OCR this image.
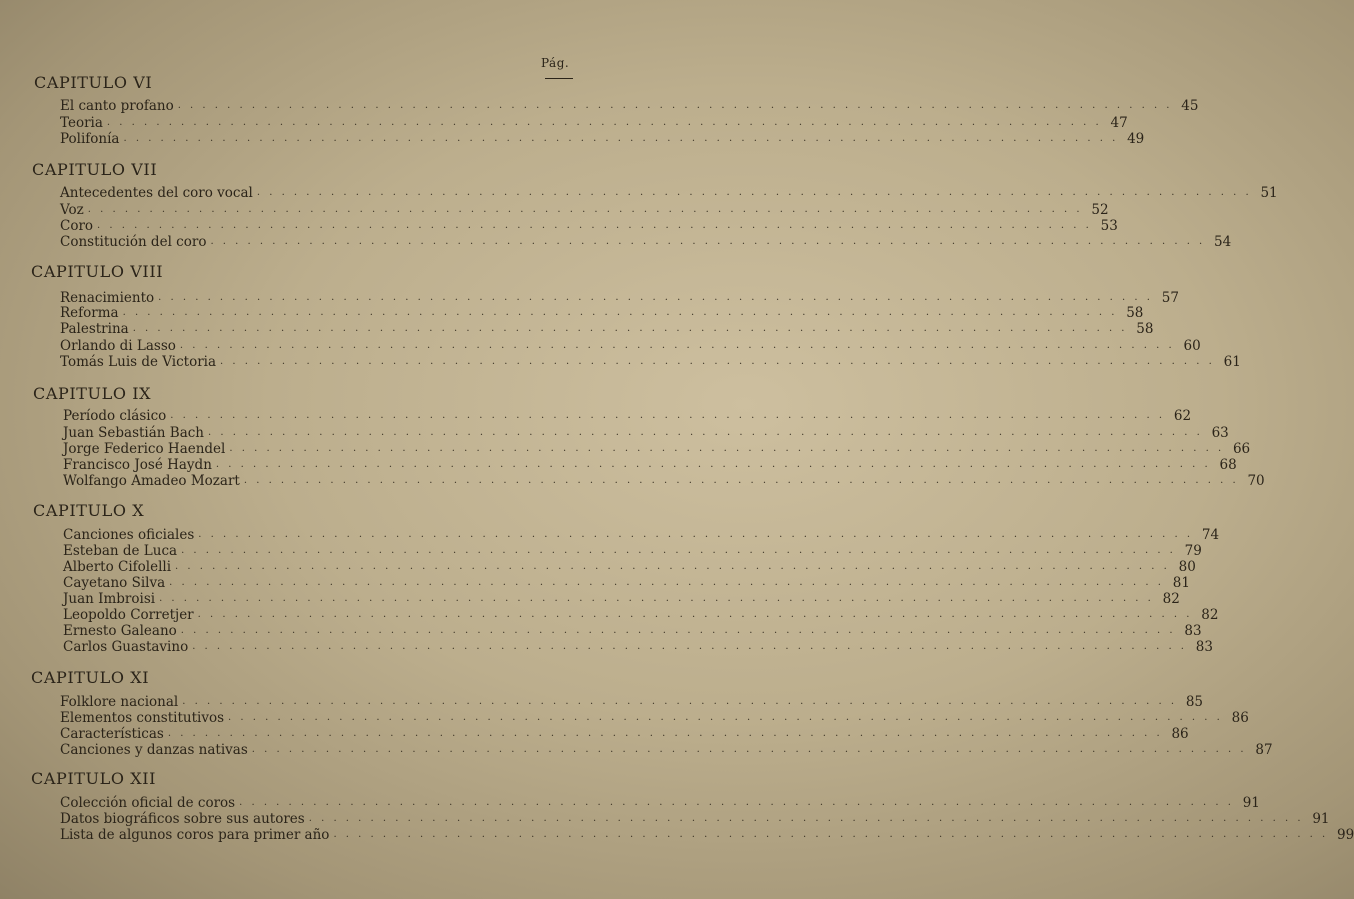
Pág.
CAPITULO VI
El canto profano . . . . . . . . . . . . . . . . . . . . . . . . . . . . . . . . . . . . . . . . . . . . . . . . . . . . . . . . . . . . . . . . . . . . . . . . . . . . . . . . . 45
Teoria . . . . . . . . . . . . . . . . . . . . . . . . . . . . . . . . . . . . . . . . . . . . . . . . . . . . . . . . . . . . . . . . . . . . . . . . . . . . . . . . . 47
Polifonía . . . . . . . . . . . . . . . . . . . . . . . . . . . . . . . . . . . . . . . . . . . . . . . . . . . . . . . . . . . . . . . . . . . . . . . . . . . . . . . . . 49
CAPITULO VII
Antecedentes del coro vocal . . . . . . . . . . . . . . . . . . . . . . . . . . . . . . . . . . . . . . . . . . . . . . . . . . . . . . . . . . . . . . . . . . . . . . . . . . . . . . . . . 51
Voz . . . . . . . . . . . . . . . . . . . . . . . . . . . . . . . . . . . . . . . . . . . . . . . . . . . . . . . . . . . . . . . . . . . . . . . . . . . . . . . . . 52
Coro . . . . . . . . . . . . . . . . . . . . . . . . . . . . . . . . . . . . . . . . . . . . . . . . . . . . . . . . . . . . . . . . . . . . . . . . . . . . . . . . . 53
Constitución del coro . . . . . . . . . . . . . . . . . . . . . . . . . . . . . . . . . . . . . . . . . . . . . . . . . . . . . . . . . . . . . . . . . . . . . . . . . . . . . . . . . 54
CAPITULO VIII
Renacimiento . . . . . . . . . . . . . . . . . . . . . . . . . . . . . . . . . . . . . . . . . . . . . . . . . . . . . . . . . . . . . . . . . . . . . . . . . . . . . . . . . 57
Reforma . . . . . . . . . . . . . . . . . . . . . . . . . . . . . . . . . . . . . . . . . . . . . . . . . . . . . . . . . . . . . . . . . . . . . . . . . . . . . . . . . 58
Palestrina . . . . . . . . . . . . . . . . . . . . . . . . . . . . . . . . . . . . . . . . . . . . . . . . . . . . . . . . . . . . . . . . . . . . . . . . . . . . . . . . . 58
Orlando di Lasso . . . . . . . . . . . . . . . . . . . . . . . . . . . . . . . . . . . . . . . . . . . . . . . . . . . . . . . . . . . . . . . . . . . . . . . . . . . . . . . . . 60
Tomás Luis de Victoria . . . . . . . . . . . . . . . . . . . . . . . . . . . . . . . . . . . . . . . . . . . . . . . . . . . . . . . . . . . . . . . . . . . . . . . . . . . . . . . . . 61
CAPITULO IX
Período clásico . . . . . . . . . . . . . . . . . . . . . . . . . . . . . . . . . . . . . . . . . . . . . . . . . . . . . . . . . . . . . . . . . . . . . . . . . . . . . . . . . 62
Juan Sebastián Bach . . . . . . . . . . . . . . . . . . . . . . . . . . . . . . . . . . . . . . . . . . . . . . . . . . . . . . . . . . . . . . . . . . . . . . . . . . . . . . . . . 63
Jorge Federico Haendel . . . . . . . . . . . . . . . . . . . . . . . . . . . . . . . . . . . . . . . . . . . . . . . . . . . . . . . . . . . . . . . . . . . . . . . . . . . . . . . . . 66
Francisco José Haydn . . . . . . . . . . . . . . . . . . . . . . . . . . . . . . . . . . . . . . . . . . . . . . . . . . . . . . . . . . . . . . . . . . . . . . . . . . . . . . . . . 68
Wolfango Amadeo Mozart . . . . . . . . . . . . . . . . . . . . . . . . . . . . . . . . . . . . . . . . . . . . . . . . . . . . . . . . . . . . . . . . . . . . . . . . . . . . . . . . . 70
CAPITULO X
Canciones oficiales . . . . . . . . . . . . . . . . . . . . . . . . . . . . . . . . . . . . . . . . . . . . . . . . . . . . . . . . . . . . . . . . . . . . . . . . . . . . . . . . . 74
Esteban de Luca . . . . . . . . . . . . . . . . . . . . . . . . . . . . . . . . . . . . . . . . . . . . . . . . . . . . . . . . . . . . . . . . . . . . . . . . . . . . . . . . . 79
Alberto Cifolelli . . . . . . . . . . . . . . . . . . . . . . . . . . . . . . . . . . . . . . . . . . . . . . . . . . . . . . . . . . . . . . . . . . . . . . . . . . . . . . . . . 80
Cayetano Silva . . . . . . . . . . . . . . . . . . . . . . . . . . . . . . . . . . . . . . . . . . . . . . . . . . . . . . . . . . . . . . . . . . . . . . . . . . . . . . . . . 81
Juan Imbroisi . . . . . . . . . . . . . . . . . . . . . . . . . . . . . . . . . . . . . . . . . . . . . . . . . . . . . . . . . . . . . . . . . . . . . . . . . . . . . . . . . 82
Leopoldo Corretjer . . . . . . . . . . . . . . . . . . . . . . . . . . . . . . . . . . . . . . . . . . . . . . . . . . . . . . . . . . . . . . . . . . . . . . . . . . . . . . . . . 82
Ernesto Galeano . . . . . . . . . . . . . . . . . . . . . . . . . . . . . . . . . . . . . . . . . . . . . . . . . . . . . . . . . . . . . . . . . . . . . . . . . . . . . . . . . 83
Carlos Guastavino . . . . . . . . . . . . . . . . . . . . . . . . . . . . . . . . . . . . . . . . . . . . . . . . . . . . . . . . . . . . . . . . . . . . . . . . . . . . . . . . . 83
CAPITULO XI
Folklore nacional . . . . . . . . . . . . . . . . . . . . . . . . . . . . . . . . . . . . . . . . . . . . . . . . . . . . . . . . . . . . . . . . . . . . . . . . . . . . . . . . . 85
Elementos constitutivos . . . . . . . . . . . . . . . . . . . . . . . . . . . . . . . . . . . . . . . . . . . . . . . . . . . . . . . . . . . . . . . . . . . . . . . . . . . . . . . . . 86
Características . . . . . . . . . . . . . . . . . . . . . . . . . . . . . . . . . . . . . . . . . . . . . . . . . . . . . . . . . . . . . . . . . . . . . . . . . . . . . . . . . 86
Canciones y danzas nativas . . . . . . . . . . . . . . . . . . . . . . . . . . . . . . . . . . . . . . . . . . . . . . . . . . . . . . . . . . . . . . . . . . . . . . . . . . . . . . . . . 87
CAPITULO XII
Colección oficial de coros . . . . . . . . . . . . . . . . . . . . . . . . . . . . . . . . . . . . . . . . . . . . . . . . . . . . . . . . . . . . . . . . . . . . . . . . . . . . . . . . . 91
Datos biográficos sobre sus autores . . . . . . . . . . . . . . . . . . . . . . . . . . . . . . . . . . . . . . . . . . . . . . . . . . . . . . . . . . . . . . . . . . . . . . . . . . . . . . . . . 91
Lista de algunos coros para primer año . . . . . . . . . . . . . . . . . . . . . . . . . . . . . . . . . . . . . . . . . . . . . . . . . . . . . . . . . . . . . . . . . . . . . . . . . . . . . . . . . 99
